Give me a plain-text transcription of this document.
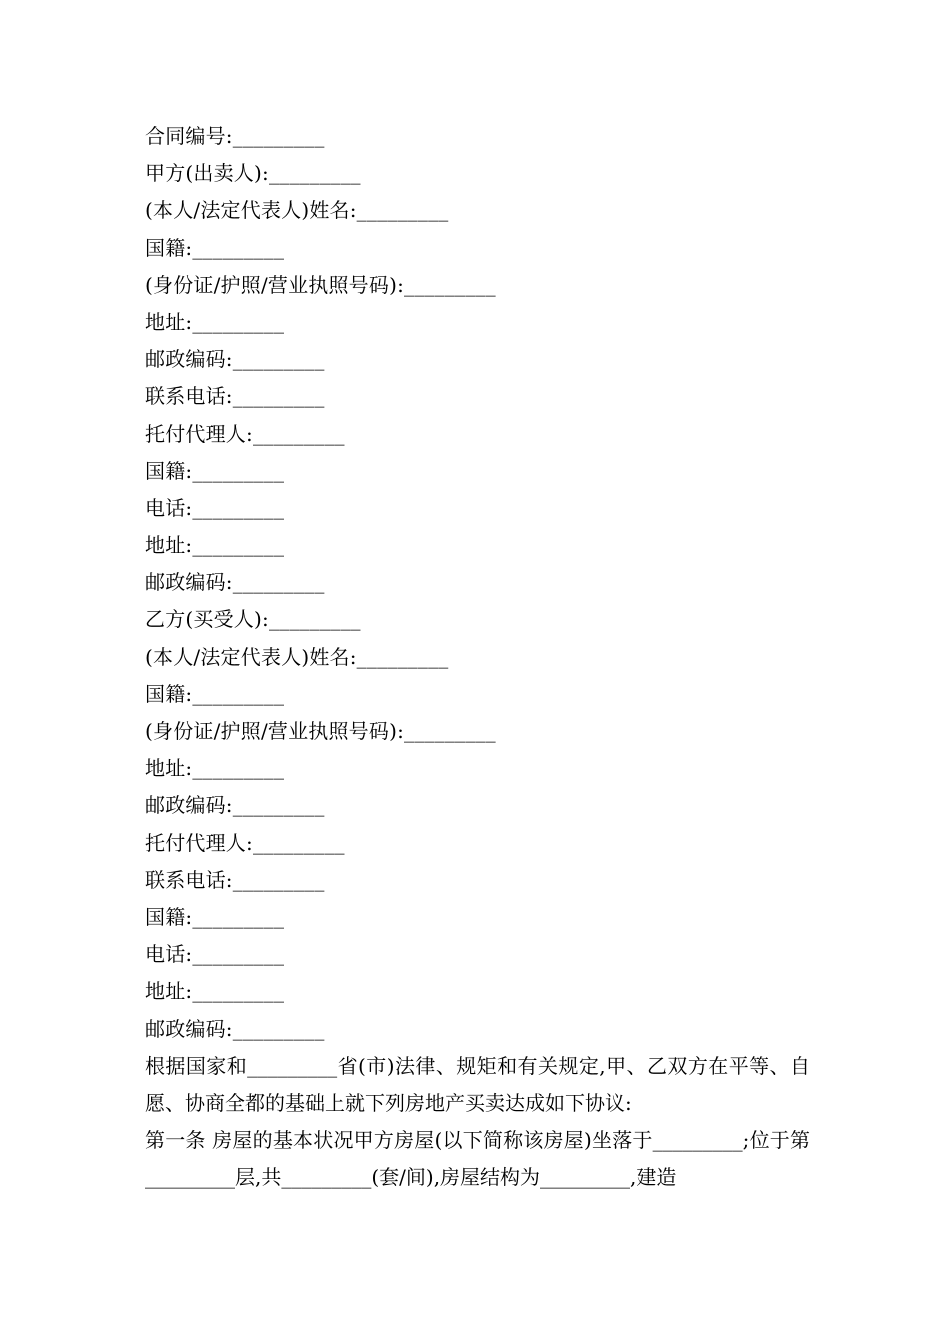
合同编号:_________
甲方(出卖人):_________
(本人/法定代表人)姓名:_________
国籍:_________
(身份证/护照/营业执照号码):_________
地址:_________
邮政编码:_________
联系电话:_________
托付代理人:_________
国籍:_________
电话:_________
地址:_________
邮政编码:_________
乙方(买受人):_________
(本人/法定代表人)姓名:_________
国籍:_________
(身份证/护照/营业执照号码):_________
地址:_________
邮政编码:_________
托付代理人:_________
联系电话:_________
国籍:_________
电话:_________
地址:_________
邮政编码:_________
根据国家和_________省(市)法律、规矩和有关规定,甲、乙双方在平等、自愿、协商全都的基础上就下列房地产买卖达成如下协议:
第一条 房屋的基本状况甲方房屋(以下简称该房屋)坐落于_________;位于第_________层,共_________(套/间),房屋结构为_________,建造
